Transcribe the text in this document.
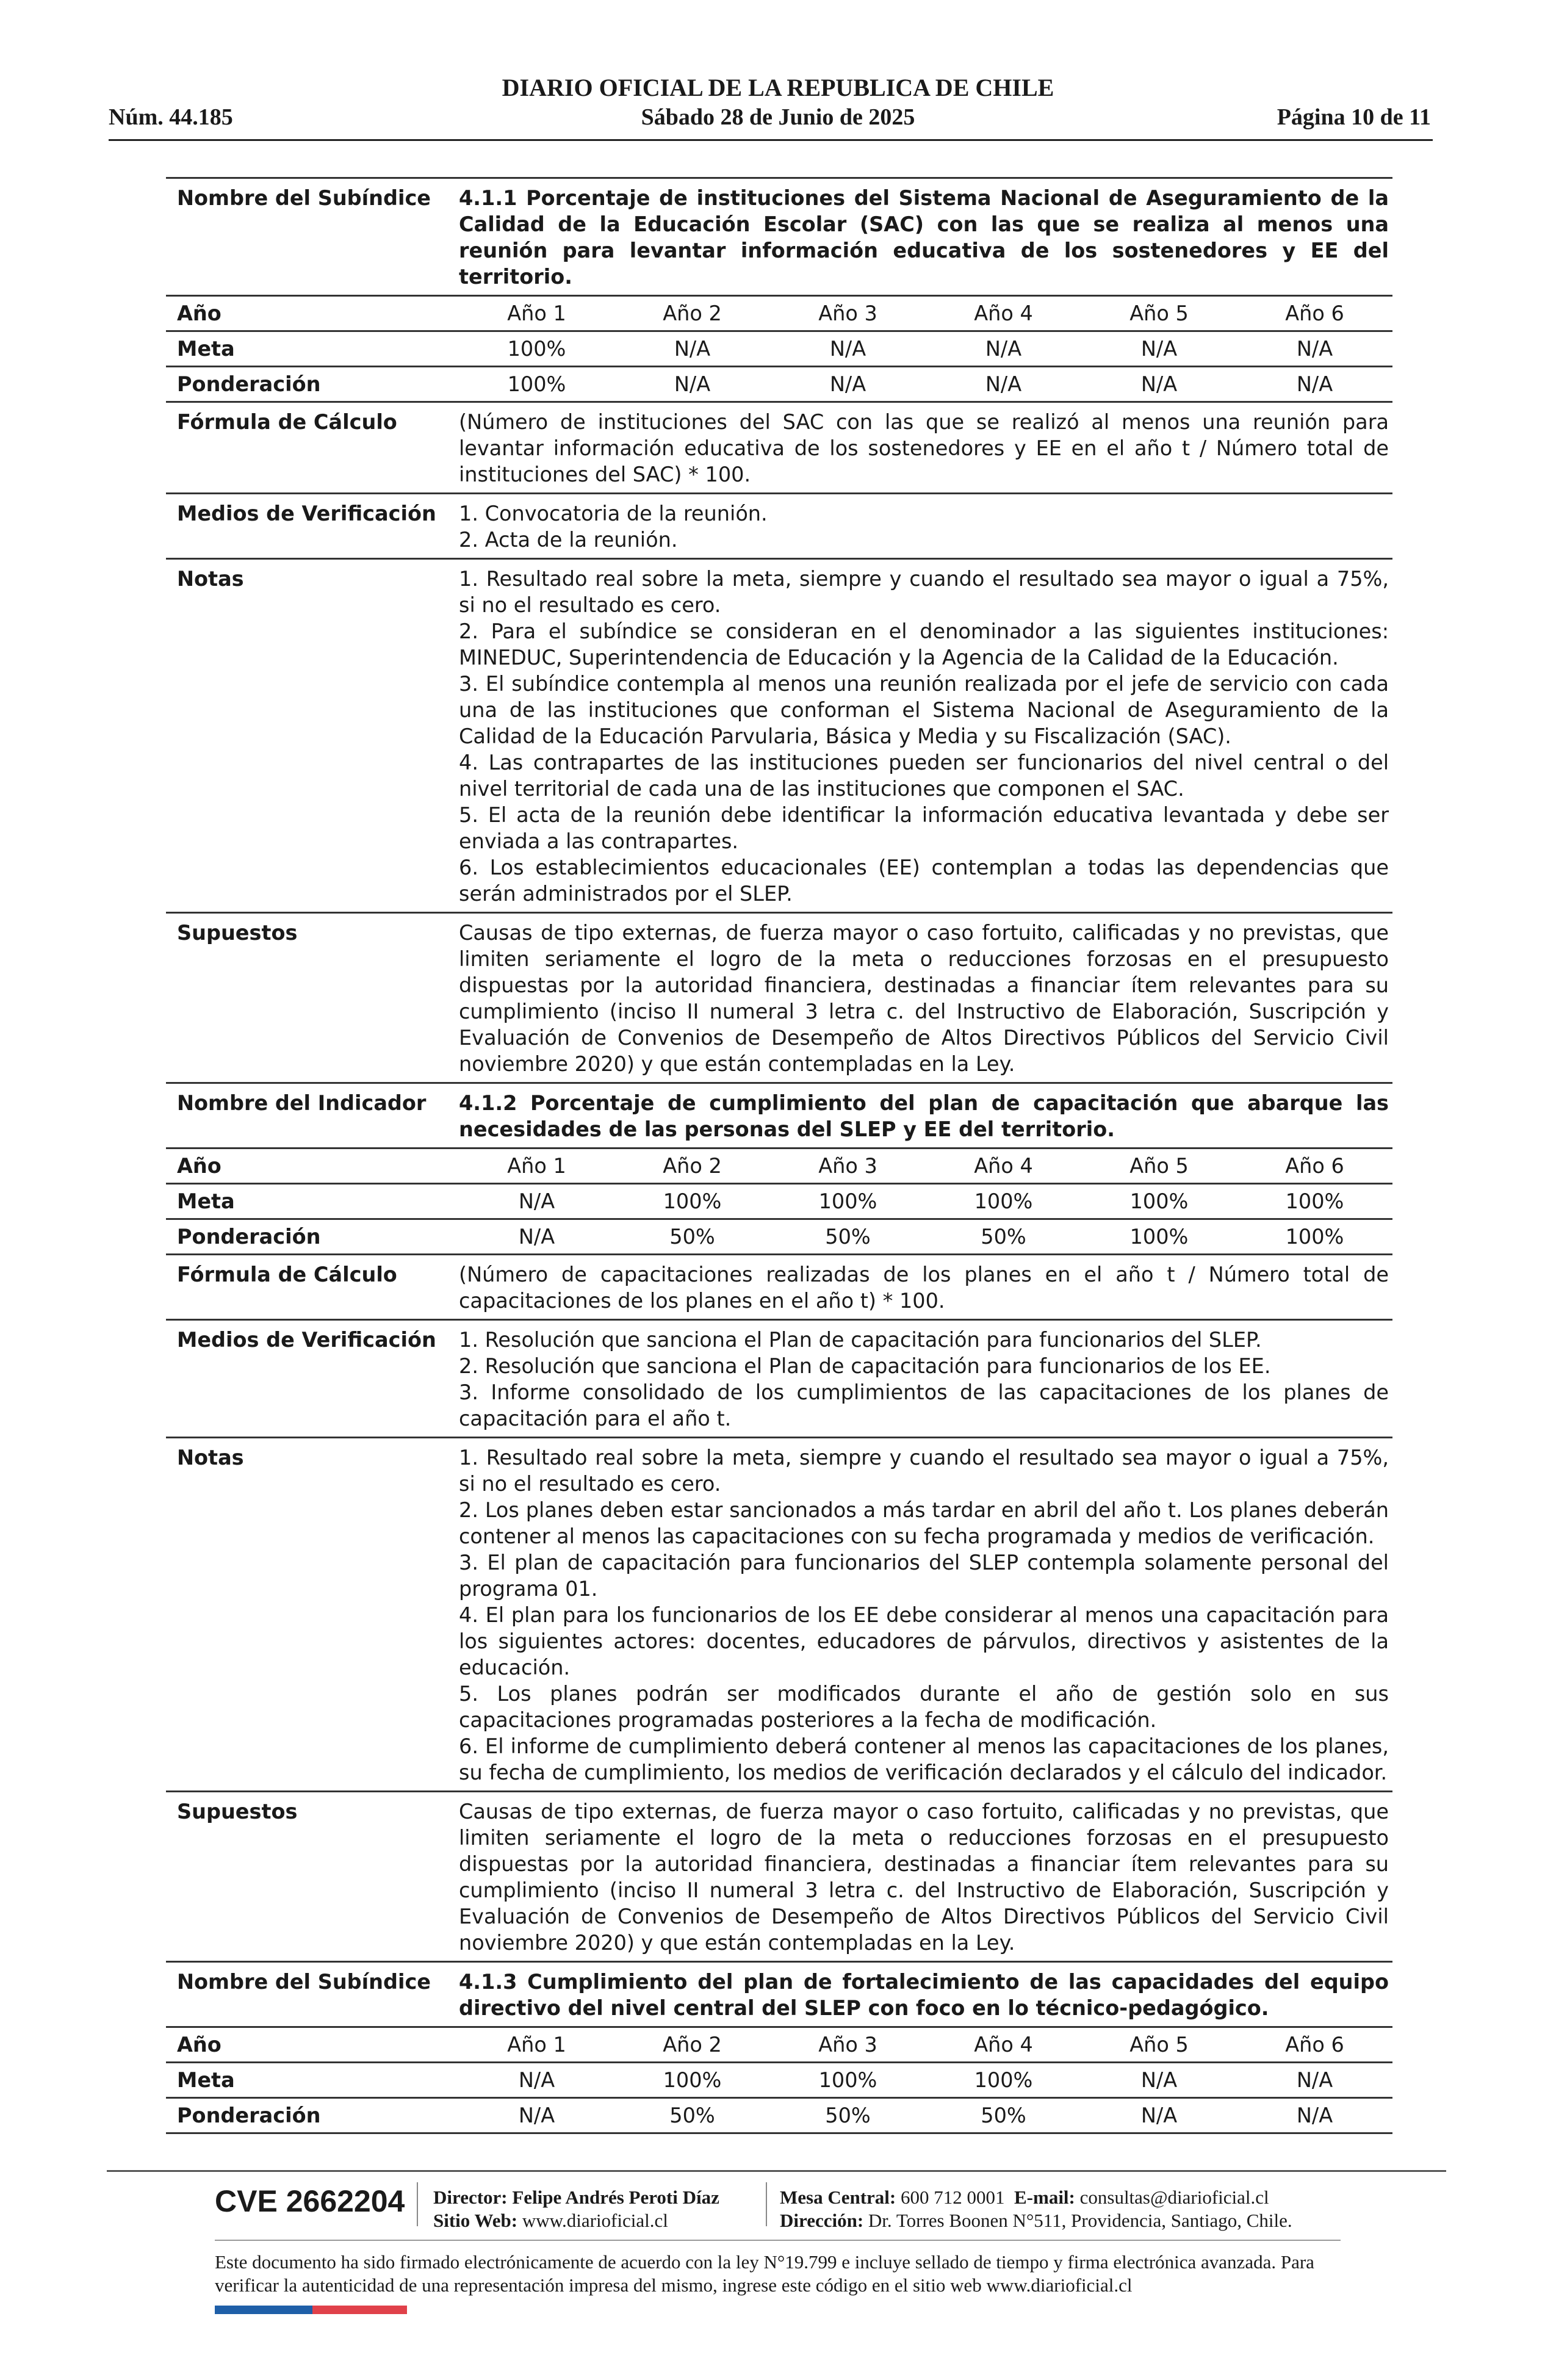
DIARIO OFICIAL DE LA REPUBLICA DE CHILE
Núm. 44.185	Sábado 28 de Junio de 2025	Página 10 de 11
Nombre del Subíndice	4.1.1 Porcentaje de instituciones del Sistema Nacional de Aseguramiento de la Calidad de la Educación Escolar (SAC) con las que se realiza al menos una reunión para levantar información educativa de los sostenedores y EE del territorio.
Año	Año 1	Año 2	Año 3	Año 4	Año 5	Año 6
Meta	100%	N/A	N/A	N/A	N/A	N/A
Ponderación	100%	N/A	N/A	N/A	N/A	N/A
Fórmula de Cálculo	(Número de instituciones del SAC con las que se realizó al menos una reunión para levantar información educativa de los sostenedores y EE en el año t / Número total de instituciones del SAC) * 100.
Medios de Verificación	1. Convocatoria de la reunión.
2. Acta de la reunión.
Notas	1. Resultado real sobre la meta, siempre y cuando el resultado sea mayor o igual a 75%, si no el resultado es cero.
2. Para el subíndice se consideran en el denominador a las siguientes instituciones: MINEDUC, Superintendencia de Educación y la Agencia de la Calidad de la Educación.
3. El subíndice contempla al menos una reunión realizada por el jefe de servicio con cada una de las instituciones que conforman el Sistema Nacional de Aseguramiento de la Calidad de la Educación Parvularia, Básica y Media y su Fiscalización (SAC).
4. Las contrapartes de las instituciones pueden ser funcionarios del nivel central o del nivel territorial de cada una de las instituciones que componen el SAC.
5. El acta de la reunión debe identificar la información educativa levantada y debe ser enviada a las contrapartes.
6. Los establecimientos educacionales (EE) contemplan a todas las dependencias que serán administrados por el SLEP.
Supuestos	Causas de tipo externas, de fuerza mayor o caso fortuito, calificadas y no previstas, que limiten seriamente el logro de la meta o reducciones forzosas en el presupuesto dispuestas por la autoridad financiera, destinadas a financiar ítem relevantes para su cumplimiento (inciso II numeral 3 letra c. del Instructivo de Elaboración, Suscripción y Evaluación de Convenios de Desempeño de Altos Directivos Públicos del Servicio Civil noviembre 2020) y que están contempladas en la Ley.
Nombre del Indicador	4.1.2 Porcentaje de cumplimiento del plan de capacitación que abarque las necesidades de las personas del SLEP y EE del territorio.
Año	Año 1	Año 2	Año 3	Año 4	Año 5	Año 6
Meta	N/A	100%	100%	100%	100%	100%
Ponderación	N/A	50%	50%	50%	100%	100%
Fórmula de Cálculo	(Número de capacitaciones realizadas de los planes en el año t / Número total de capacitaciones de los planes en el año t) * 100.
Medios de Verificación	1. Resolución que sanciona el Plan de capacitación para funcionarios del SLEP.
2. Resolución que sanciona el Plan de capacitación para funcionarios de los EE.
3. Informe consolidado de los cumplimientos de las capacitaciones de los planes de capacitación para el año t.
Notas	1. Resultado real sobre la meta, siempre y cuando el resultado sea mayor o igual a 75%, si no el resultado es cero.
2. Los planes deben estar sancionados a más tardar en abril del año t. Los planes deberán contener al menos las capacitaciones con su fecha programada y medios de verificación.
3. El plan de capacitación para funcionarios del SLEP contempla solamente personal del programa 01.
4. El plan para los funcionarios de los EE debe considerar al menos una capacitación para los siguientes actores: docentes, educadores de párvulos, directivos y asistentes de la educación.
5. Los planes podrán ser modificados durante el año de gestión solo en sus capacitaciones programadas posteriores a la fecha de modificación.
6. El informe de cumplimiento deberá contener al menos las capacitaciones de los planes, su fecha de cumplimiento, los medios de verificación declarados y el cálculo del indicador.
Supuestos	Causas de tipo externas, de fuerza mayor o caso fortuito, calificadas y no previstas, que limiten seriamente el logro de la meta o reducciones forzosas en el presupuesto dispuestas por la autoridad financiera, destinadas a financiar ítem relevantes para su cumplimiento (inciso II numeral 3 letra c. del Instructivo de Elaboración, Suscripción y Evaluación de Convenios de Desempeño de Altos Directivos Públicos del Servicio Civil noviembre 2020) y que están contempladas en la Ley.
Nombre del Subíndice	4.1.3 Cumplimiento del plan de fortalecimiento de las capacidades del equipo directivo del nivel central del SLEP con foco en lo técnico-pedagógico.
Año	Año 1	Año 2	Año 3	Año 4	Año 5	Año 6
Meta	N/A	100%	100%	100%	N/A	N/A
Ponderación	N/A	50%	50%	50%	N/A	N/A
CVE 2662204 Director: Felipe Andrés Peroti Díaz
Sitio Web: www.diarioficial.cl
Mesa Central: 600 712 0001 E-mail: consultas@diarioficial.cl
Dirección: Dr. Torres Boonen N°511, Providencia, Santiago, Chile.
Este documento ha sido firmado electrónicamente de acuerdo con la ley N°19.799 e incluye sellado de tiempo y firma electrónica avanzada. Para verificar la autenticidad de una representación impresa del mismo, ingrese este código en el sitio web www.diarioficial.cl
